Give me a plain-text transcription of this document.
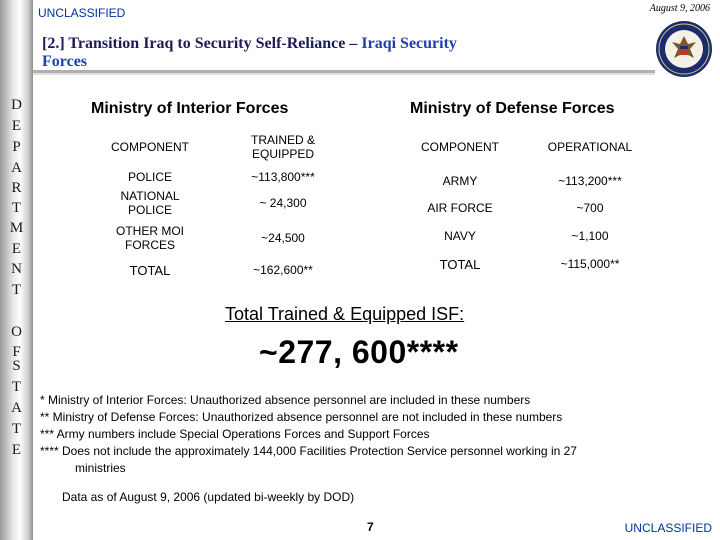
D
E
P
A
R
T
M
E
N
T
O
F
S
T
A
T
E
UNCLASSIFIED	August 9, 2006
[2.] Transition Iraq to Security Self-Reliance – Iraqi Security
Forces
Ministry of Interior Forces
COMPONENT	TRAINED &
EQUIPPED
POLICE	~113,800***
NATIONAL
POLICE	~ 24,300
OTHER MOI
FORCES	~24,500
TOTAL	~162,600**
Ministry of Defense Forces
COMPONENT	OPERATIONAL
ARMY	~113,200***
AIR FORCE	~700
NAVY	~1,100
TOTAL	~115,000**
Total Trained & Equipped ISF:
~277, 600****
* Ministry of Interior Forces: Unauthorized absence personnel are included in these numbers
** Ministry of Defense Forces: Unauthorized absence personnel are not included in these numbers
*** Army numbers include Special Operations Forces and Support Forces
**** Does not include the approximately 144,000 Facilities Protection Service personnel working in 27
ministries
Data as of August 9, 2006 (updated bi-weekly by DOD)
7	UNCLASSIFIED
